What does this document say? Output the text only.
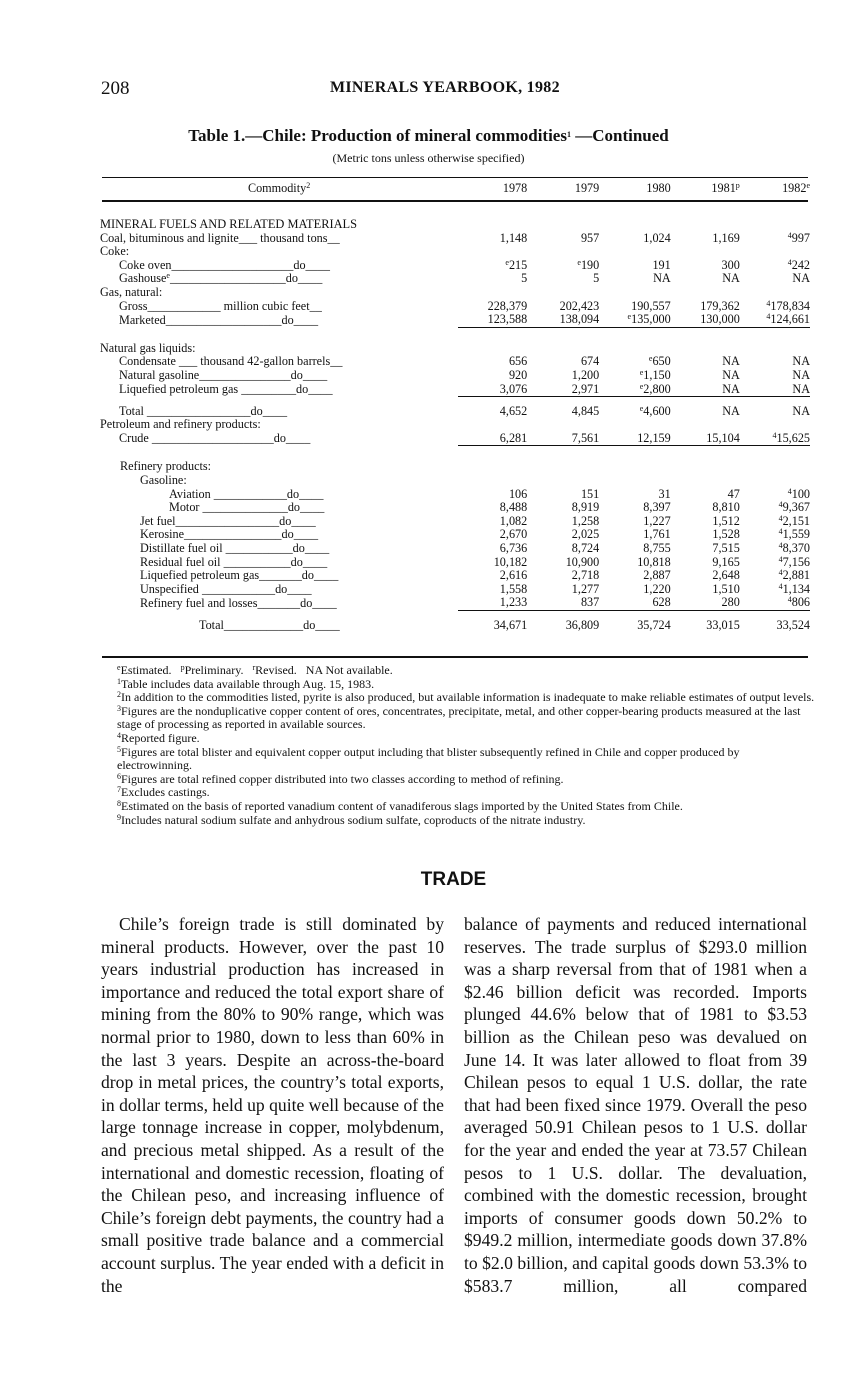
208	MINERALS YEARBOOK, 1982
Table 1.—Chile: Production of mineral commodities$^1$ —Continued
(Metric tons unless otherwise specified)
Commodity$^2$	1978	1979	1980	1981$^p$	1982e

MINERAL FUELS AND RELATED MATERIALS					
Coal, bituminous and lignite___ thousand tons__	1,148	957	1,024	1,169	$^4$997
Coke:					
Coke oven____________________do____	$^e$215	$^e$190	191	300	$^4$242
Gashouse$^e$___________________do____	5	5	NA	NA	NA
Gas, natural:					
Gross____________ million cubic feet__	228,379	202,423	190,557	179,362	$^4$178,834
Marketed___________________do____	123,588	138,094	$^e$135,000	130,000	$^4$124,661

Natural gas liquids:					
Condensate ___ thousand 42-gallon barrels__	656	674	$^e$650	NA	NA
Natural gasoline_______________do____	920	1,200	$^e$1,150	NA	NA
Liquefied petroleum gas _________do____	3,076	2,971	$^e$2,800	NA	NA
Total _________________do____	4,652	4,845	$^e$4,600	NA	NA
Petroleum and refinery products:					
Crude ____________________do____	6,281	7,561	12,159	15,104	$^4$15,625

Refinery products:					
Gasoline:					
Aviation ____________do____	106	151	31	47	$^4$100
Motor ______________do____	8,488	8,919	8,397	8,810	$^4$9,367
Jet fuel_________________do____	1,082	1,258	1,227	1,512	$^4$2,151
Kerosine________________do____	2,670	2,025	1,761	1,528	$^4$1,559
Distillate fuel oil ___________do____	6,736	8,724	8,755	7,515	$^4$8,370
Residual fuel oil ___________do____	10,182	10,900	10,818	9,165	$^4$7,156
Liquefied petroleum gas_______do____	2,616	2,718	2,887	2,648	$^4$2,881
Unspecified ____________do____	1,558	1,277	1,220	1,510	$^4$1,134
Refinery fuel and losses_______do____	1,233	837	628	280	$^4$806
Total_____________do____	34,671	36,809	35,724	33,015	33,524

$^e$Estimated. $^p$Preliminary. $^r$Revised. NA Not available.

$^1$Table includes data available through Aug. 15, 1983.

$^2$In addition to the commodities listed, pyrite is also produced, but available information is inadequate to make reliable estimates of output levels.

$^3$Figures are the nonduplicative copper content of ores, concentrates, precipitate, metal, and other copper-bearing products measured at the last stage of processing as reported in available sources.

$^4$Reported figure.

$^5$Figures are total blister and equivalent copper output including that blister subsequently refined in Chile and copper produced by electrowinning.

$^6$Figures are total refined copper distributed into two classes according to method of refining.

$^7$Excludes castings.

$^8$Estimated on the basis of reported vanadium content of vanadiferous slags imported by the United States from Chile.

$^9$Includes natural sodium sulfate and anhydrous sodium sulfate, coproducts of the nitrate industry.

TRADE

Chile’s foreign trade is still dominated by mineral products. However, over the past 10 years industrial production has increased in importance and reduced the total export share of mining from the 80% to 90% range, which was normal prior to 1980, down to less than 60% in the last 3 years. Despite an across-the-board drop in metal prices, the country’s total exports, in dollar terms, held up quite well because of the large tonnage increase in copper, molybdenum, and precious metal shipped. As a result of the international and domestic recession, floating of the Chilean peso, and increasing influence of Chile’s foreign debt payments, the country had a small positive trade balance and a commercial account surplus. The year ended with a deficit in the

balance of payments and reduced international reserves. The trade surplus of $293.0 million was a sharp reversal from that of 1981 when a $2.46 billion deficit was recorded. Imports plunged 44.6% below that of 1981 to $3.53 billion as the Chilean peso was devalued on June 14. It was later allowed to float from 39 Chilean pesos to equal 1 U.S. dollar, the rate that had been fixed since 1979. Overall the peso averaged 50.91 Chilean pesos to 1 U.S. dollar for the year and ended the year at 73.57 Chilean pesos to 1 U.S. dollar. The devaluation, combined with the domestic recession, brought imports of consumer goods down 50.2% to $949.2 million, intermediate goods down 37.8% to $2.0 billion, and capital goods down 53.3% to $583.7 million, all compared
